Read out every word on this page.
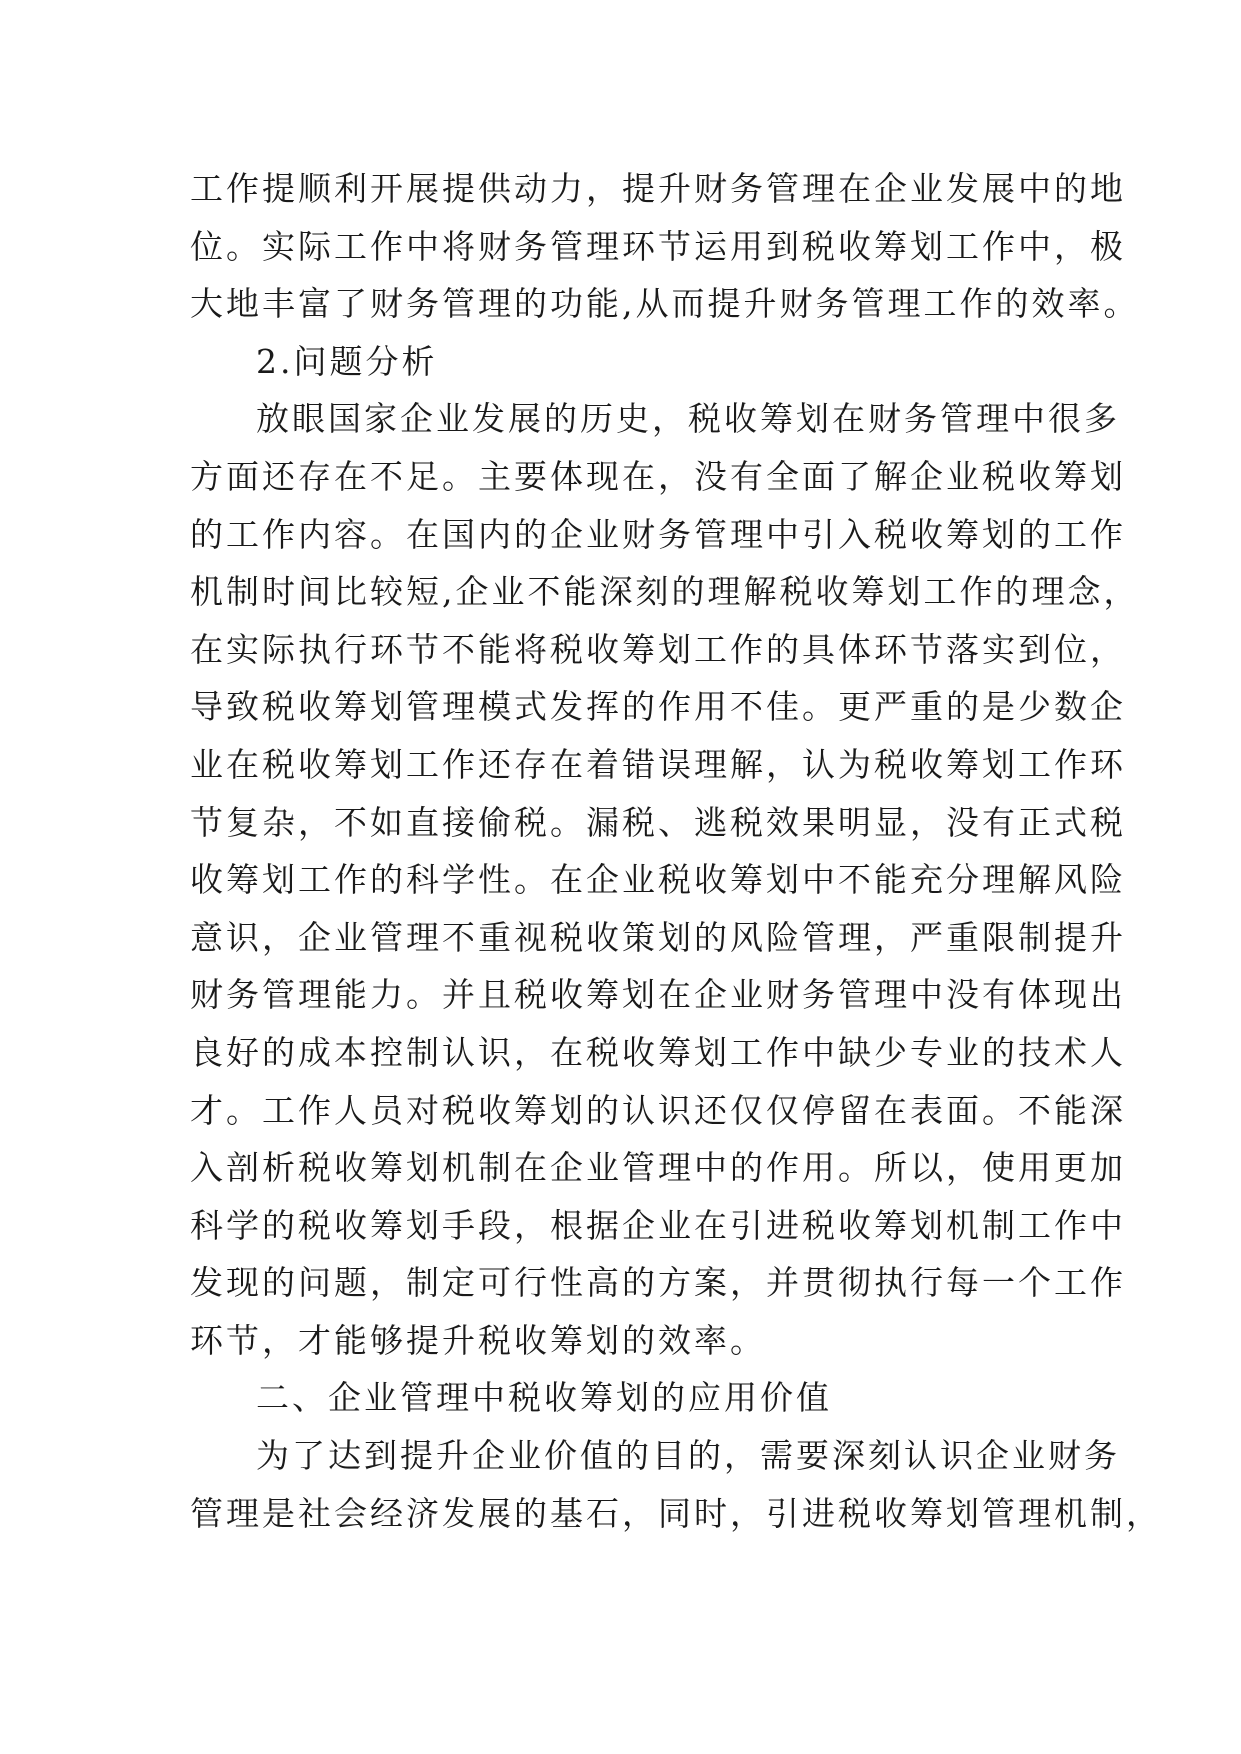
工作提顺利开展提供动力，提升财务管理在企业发展中的地
位。实际工作中将财务管理环节运用到税收筹划工作中，极
大地丰富了财务管理的功能,从而提升财务管理工作的效率。
2.问题分析
放眼国家企业发展的历史，税收筹划在财务管理中很多
方面还存在不足。主要体现在，没有全面了解企业税收筹划
的工作内容。在国内的企业财务管理中引入税收筹划的工作
机制时间比较短,企业不能深刻的理解税收筹划工作的理念，
在实际执行环节不能将税收筹划工作的具体环节落实到位，
导致税收筹划管理模式发挥的作用不佳。更严重的是少数企
业在税收筹划工作还存在着错误理解，认为税收筹划工作环
节复杂，不如直接偷税。漏税、逃税效果明显，没有正式税
收筹划工作的科学性。在企业税收筹划中不能充分理解风险
意识，企业管理不重视税收策划的风险管理，严重限制提升
财务管理能力。并且税收筹划在企业财务管理中没有体现出
良好的成本控制认识，在税收筹划工作中缺少专业的技术人
才。工作人员对税收筹划的认识还仅仅停留在表面。不能深
入剖析税收筹划机制在企业管理中的作用。所以，使用更加
科学的税收筹划手段，根据企业在引进税收筹划机制工作中
发现的问题，制定可行性高的方案，并贯彻执行每一个工作
环节，才能够提升税收筹划的效率。
二、企业管理中税收筹划的应用价值
为了达到提升企业价值的目的，需要深刻认识企业财务
管理是社会经济发展的基石，同时，引进税收筹划管理机制，
